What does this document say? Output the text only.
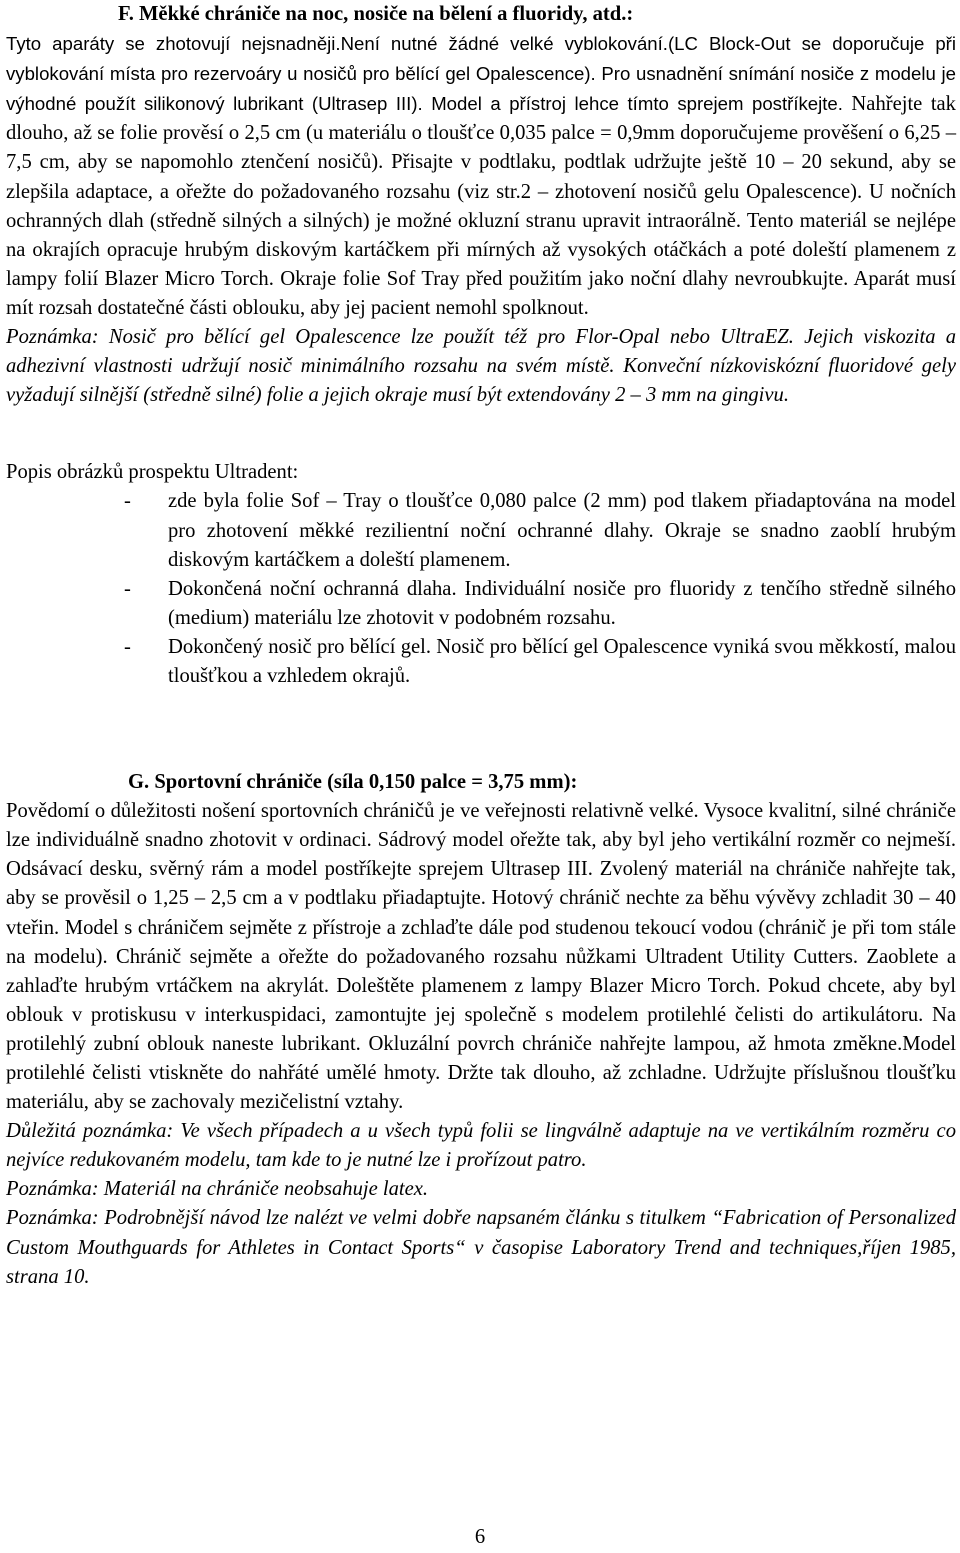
F. Měkké chrániče na noc, nosiče na bělení a fluoridy, atd.:

Tyto aparáty se zhotovují nejsnadněji.Není nutné žádné velké vyblokování.(LC Block-Out se doporučuje při vyblokování místa pro rezervoáry u nosičů pro bělící gel Opalescence). Pro usnadnění snímání nosiče z modelu je výhodné použít silikonový lubrikant (Ultrasep III). Model a přístroj lehce tímto sprejem postříkejte. Nahřejte tak dlouho, až se folie prověsí o 2,5 cm (u materiálu o tloušťce 0,035 palce = 0,9mm doporučujeme prověšení o 6,25 – 7,5 cm, aby se napomohlo ztenčení nosičů). Přisajte v podtlaku, podtlak udržujte ještě 10 – 20 sekund, aby se zlepšila adaptace, a ořežte do požadovaného rozsahu (viz str.2 – zhotovení nosičů gelu Opalescence). U nočních ochranných dlah (středně silných a silných) je možné okluzní stranu upravit intraorálně. Tento materiál se nejlépe na okrajích opracuje hrubým diskovým kartáčkem při mírných až vysokých otáčkách a poté doleští plamenem z lampy folií Blazer Micro Torch. Okraje folie Sof Tray před použitím jako noční dlahy nevroubkujte. Aparát musí mít rozsah dostatečné části oblouku, aby jej pacient nemohl spolknout.

Poznámka: Nosič pro bělící gel Opalescence lze použít též pro Flor-Opal nebo UltraEZ. Jejich viskozita a adhezivní vlastnosti udržují nosič minimálního rozsahu na svém místě. Konveční nízkoviskózní fluoridové gely vyžadují silnější (středně silné) folie a jejich okraje musí být extendovány 2 – 3 mm na gingivu.

Popis obrázků prospektu Ultradent:

- zde byla folie Sof – Tray o tloušťce 0,080 palce (2 mm) pod tlakem přiadaptována na model pro zhotovení měkké rezilientní noční ochranné dlahy. Okraje se snadno zaoblí hrubým diskovým kartáčkem a doleští plamenem.
- Dokončená noční ochranná dlaha. Individuální nosiče pro fluoridy z tenčího středně silného (medium) materiálu lze zhotovit v podobném rozsahu.
- Dokončený nosič pro bělící gel. Nosič pro bělící gel Opalescence vyniká svou měkkostí, malou tloušťkou a vzhledem okrajů.

G. Sportovní chrániče (síla 0,150 palce = 3,75 mm):

Povědomí o důležitosti nošení sportovních chráničů je ve veřejnosti relativně velké. Vysoce kvalitní, silné chrániče lze individuálně snadno zhotovit v ordinaci. Sádrový model ořežte tak, aby byl jeho vertikální rozměr co nejmeší. Odsávací desku, svěrný rám a model postříkejte sprejem Ultrasep III. Zvolený materiál na chrániče nahřejte tak, aby se prověsil o 1,25 – 2,5 cm a v podtlaku přiadaptujte. Hotový chránič nechte za běhu vývěvy zchladit 30 – 40 vteřin. Model s chráničem sejměte z přístroje a zchlaďte dále pod studenou tekoucí vodou (chránič je při tom stále na modelu). Chránič sejměte a ořežte do požadovaného rozsahu nůžkami Ultradent Utility Cutters. Zaoblete a zahlaďte hrubým vrtáčkem na akrylát. Doleštěte plamenem z lampy Blazer Micro Torch. Pokud chcete, aby byl oblouk v protiskusu v interkuspidaci, zamontujte jej společně s modelem protilehlé čelisti do artikulátoru. Na protilehlý zubní oblouk naneste lubrikant. Okluzální povrch chrániče nahřejte lampou, až hmota změkne.Model protilehlé čelisti vtiskněte do nahřáté umělé hmoty. Držte tak dlouho, až zchladne. Udržujte příslušnou tloušťku materiálu, aby se zachovaly mezičelistní vztahy.

Důležitá poznámka: Ve všech případech a u všech typů folii se lingválně adaptuje na ve vertikálním rozměru co nejvíce redukovaném modelu, tam kde to je nutné lze i prořízout patro.

Poznámka: Materiál na chrániče neobsahuje latex.

Poznámka: Podrobnější návod lze nalézt ve velmi dobře napsaném článku s titulkem “Fabrication of Personalized Custom Mouthguards for Athletes in Contact Sports“ v časopise Laboratory Trend and techniques,říjen 1985, strana 10.

6
